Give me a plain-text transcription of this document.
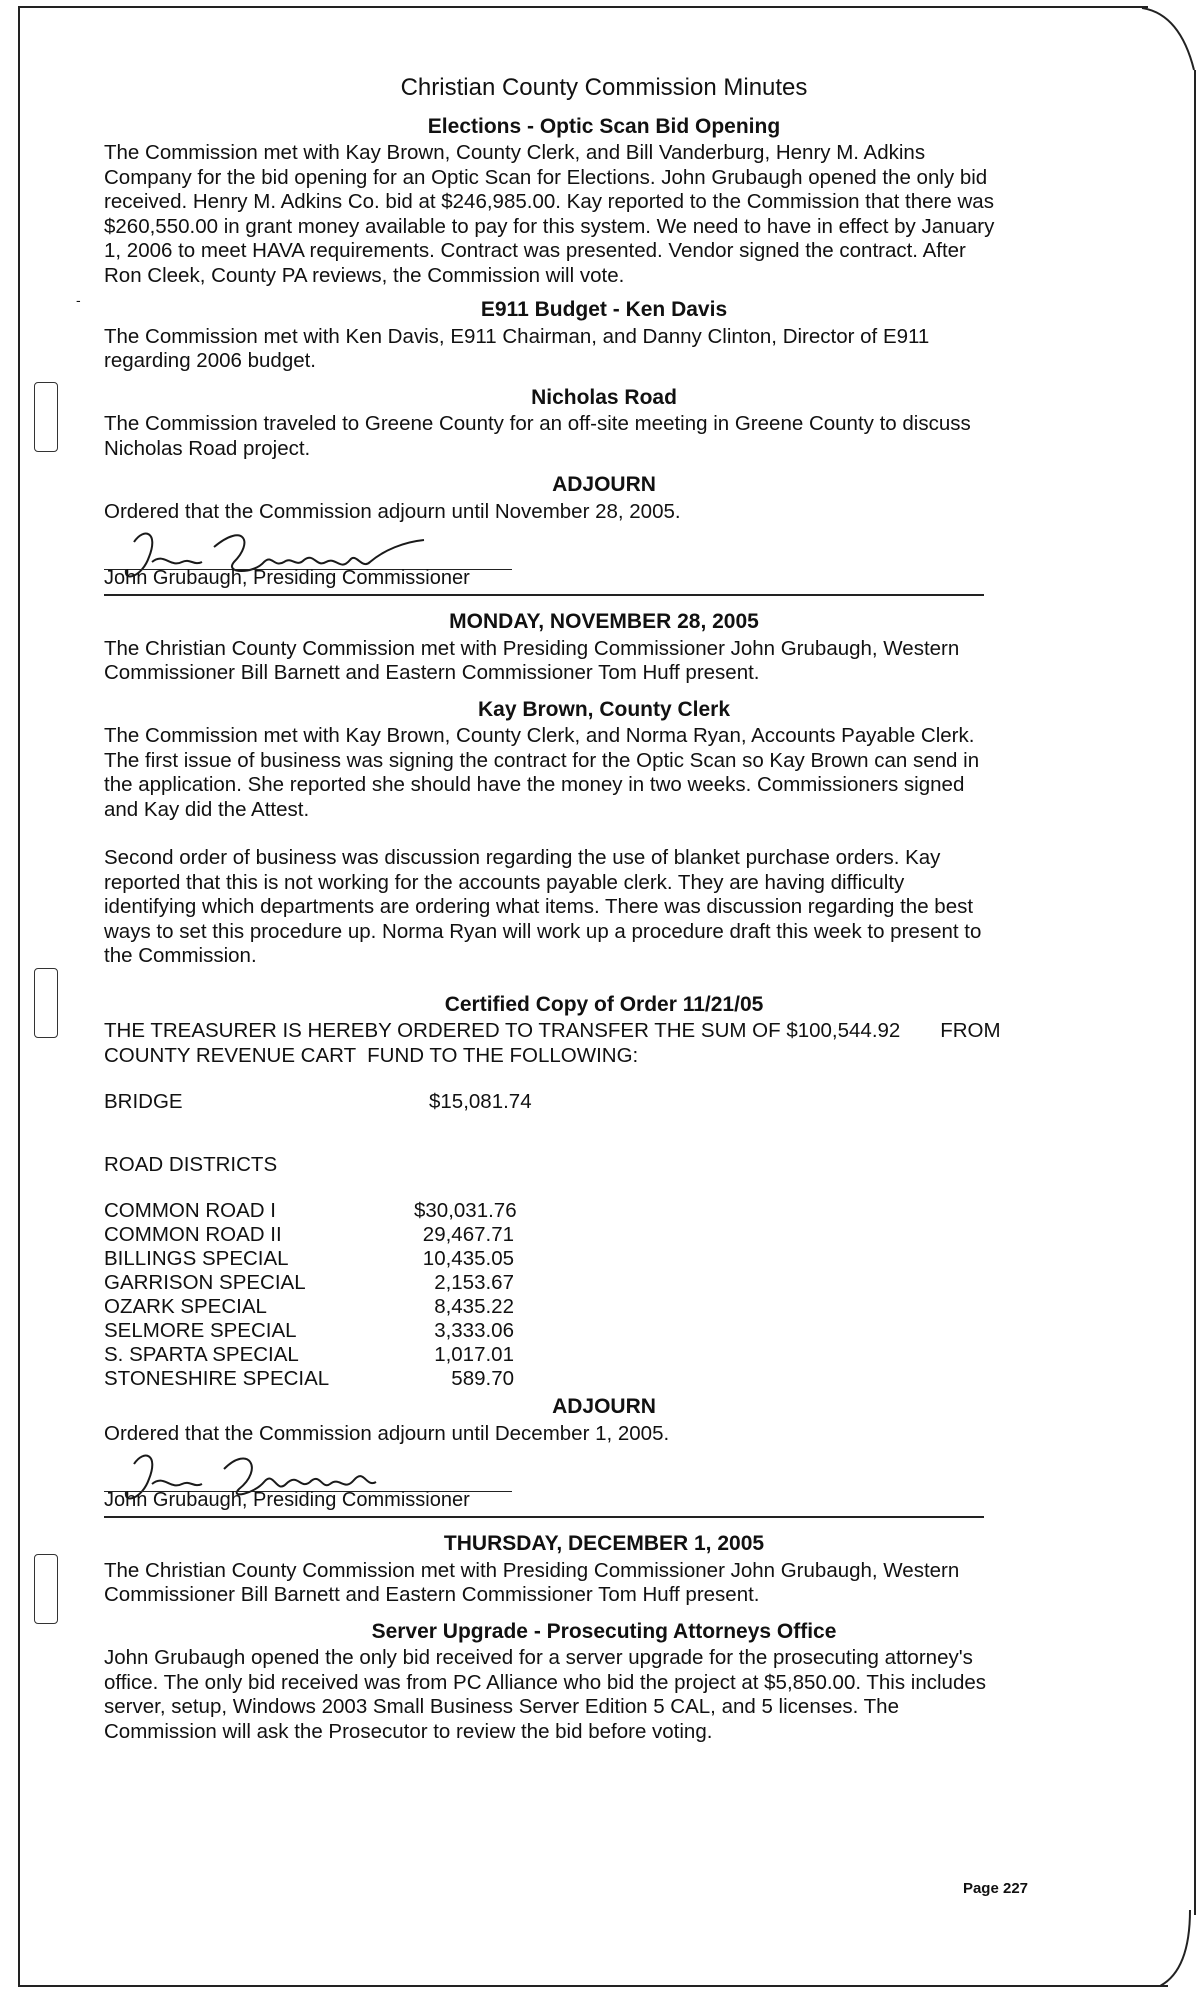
-
Christian County Commission Minutes
Elections - Optic Scan Bid Opening

The Commission met with Kay Brown, County Clerk, and Bill Vanderburg, Henry M. Adkins
Company for the bid opening for an Optic Scan for Elections. John Grubaugh opened the only bid
received. Henry M. Adkins Co. bid at $246,985.00. Kay reported to the Commission that there was
$260,550.00 in grant money available to pay for this system. We need to have in effect by January
1, 2006 to meet HAVA requirements. Contract was presented. Vendor signed the contract. After
Ron Cleek, County PA reviews, the Commission will vote.

E911 Budget - Ken Davis

The Commission met with Ken Davis, E911 Chairman, and Danny Clinton, Director of E911
regarding 2006 budget.

Nicholas Road

The Commission traveled to Greene County for an off-site meeting in Greene County to discuss
Nicholas Road project.

ADJOURN

Ordered that the Commission adjourn until November 28, 2005.

John Grubaugh, Presiding Commissioner
MONDAY, NOVEMBER 28, 2005

The Christian County Commission met with Presiding Commissioner John Grubaugh, Western
Commissioner Bill Barnett and Eastern Commissioner Tom Huff present.

Kay Brown, County Clerk

The Commission met with Kay Brown, County Clerk, and Norma Ryan, Accounts Payable Clerk.
The first issue of business was signing the contract for the Optic Scan so Kay Brown can send in
the application. She reported she should have the money in two weeks. Commissioners signed
and Kay did the Attest.

Second order of business was discussion regarding the use of blanket purchase orders. Kay
reported that this is not working for the accounts payable clerk. They are having difficulty
identifying which departments are ordering what items. There was discussion regarding the best
ways to set this procedure up. Norma Ryan will work up a procedure draft this week to present to
the Commission.

Certified Copy of Order 11/21/05

THE TREASURER IS HEREBY ORDERED TO TRANSFER THE SUM OF $100,544.92 FROM
COUNTY REVENUE CART  FUND TO THE FOLLOWING:

BRIDGE	$15,081.74
ROAD DISTRICTS
COMMON ROAD I	$30,031.76
COMMON ROAD II	29,467.71
BILLINGS SPECIAL	10,435.05
GARRISON SPECIAL	2,153.67
OZARK SPECIAL	8,435.22
SELMORE SPECIAL	3,333.06
S. SPARTA SPECIAL	1,017.01
STONESHIRE SPECIAL	589.70
ADJOURN

Ordered that the Commission adjourn until December 1, 2005.

John Grubaugh, Presiding Commissioner
THURSDAY, DECEMBER 1, 2005

The Christian County Commission met with Presiding Commissioner John Grubaugh, Western
Commissioner Bill Barnett and Eastern Commissioner Tom Huff present.

Server Upgrade - Prosecuting Attorneys Office

John Grubaugh opened the only bid received for a server upgrade for the prosecuting attorney's
office. The only bid received was from PC Alliance who bid the project at $5,850.00. This includes
server, setup, Windows 2003 Small Business Server Edition 5 CAL, and 5 licenses. The
Commission will ask the Prosecutor to review the bid before voting.

Page 227
